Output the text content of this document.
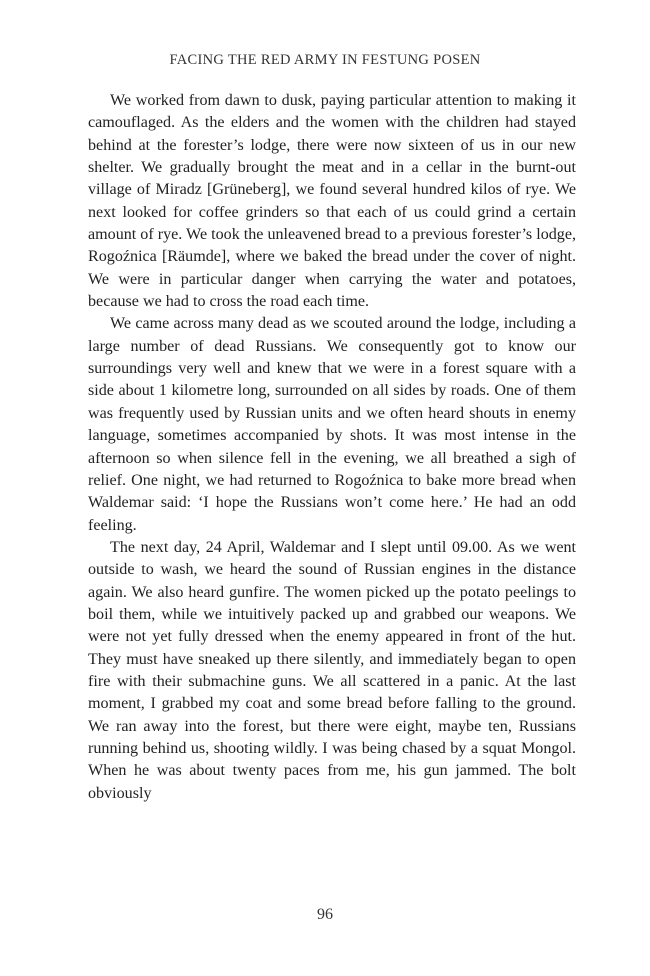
FACING THE RED ARMY IN FESTUNG POSEN

We worked from dawn to dusk, paying particular attention to making it camouflaged. As the elders and the women with the children had stayed behind at the forester’s lodge, there were now sixteen of us in our new shelter. We gradually brought the meat and in a cellar in the burnt-out village of Miradz [Grüneberg], we found several hundred kilos of rye. We next looked for coffee grinders so that each of us could grind a certain amount of rye. We took the unleavened bread to a previous forester’s lodge, Rogoźnica [Räumde], where we baked the bread under the cover of night. We were in particular danger when carrying the water and potatoes, because we had to cross the road each time.

We came across many dead as we scouted around the lodge, including a large number of dead Russians. We consequently got to know our surroundings very well and knew that we were in a forest square with a side about 1 kilometre long, surrounded on all sides by roads. One of them was frequently used by Russian units and we often heard shouts in enemy language, sometimes accompanied by shots. It was most intense in the afternoon so when silence fell in the evening, we all breathed a sigh of relief. One night, we had returned to Rogoźnica to bake more bread when Waldemar said: ‘I hope the Russians won’t come here.’ He had an odd feeling.

The next day, 24 April, Waldemar and I slept until 09.00. As we went outside to wash, we heard the sound of Russian engines in the distance again. We also heard gunfire. The women picked up the potato peelings to boil them, while we intuitively packed up and grabbed our weapons. We were not yet fully dressed when the enemy appeared in front of the hut. They must have sneaked up there silently, and immediately began to open fire with their submachine guns. We all scattered in a panic. At the last moment, I grabbed my coat and some bread before falling to the ground. We ran away into the forest, but there were eight, maybe ten, Russians running behind us, shooting wildly. I was being chased by a squat Mongol. When he was about twenty paces from me, his gun jammed. The bolt obviously

96
